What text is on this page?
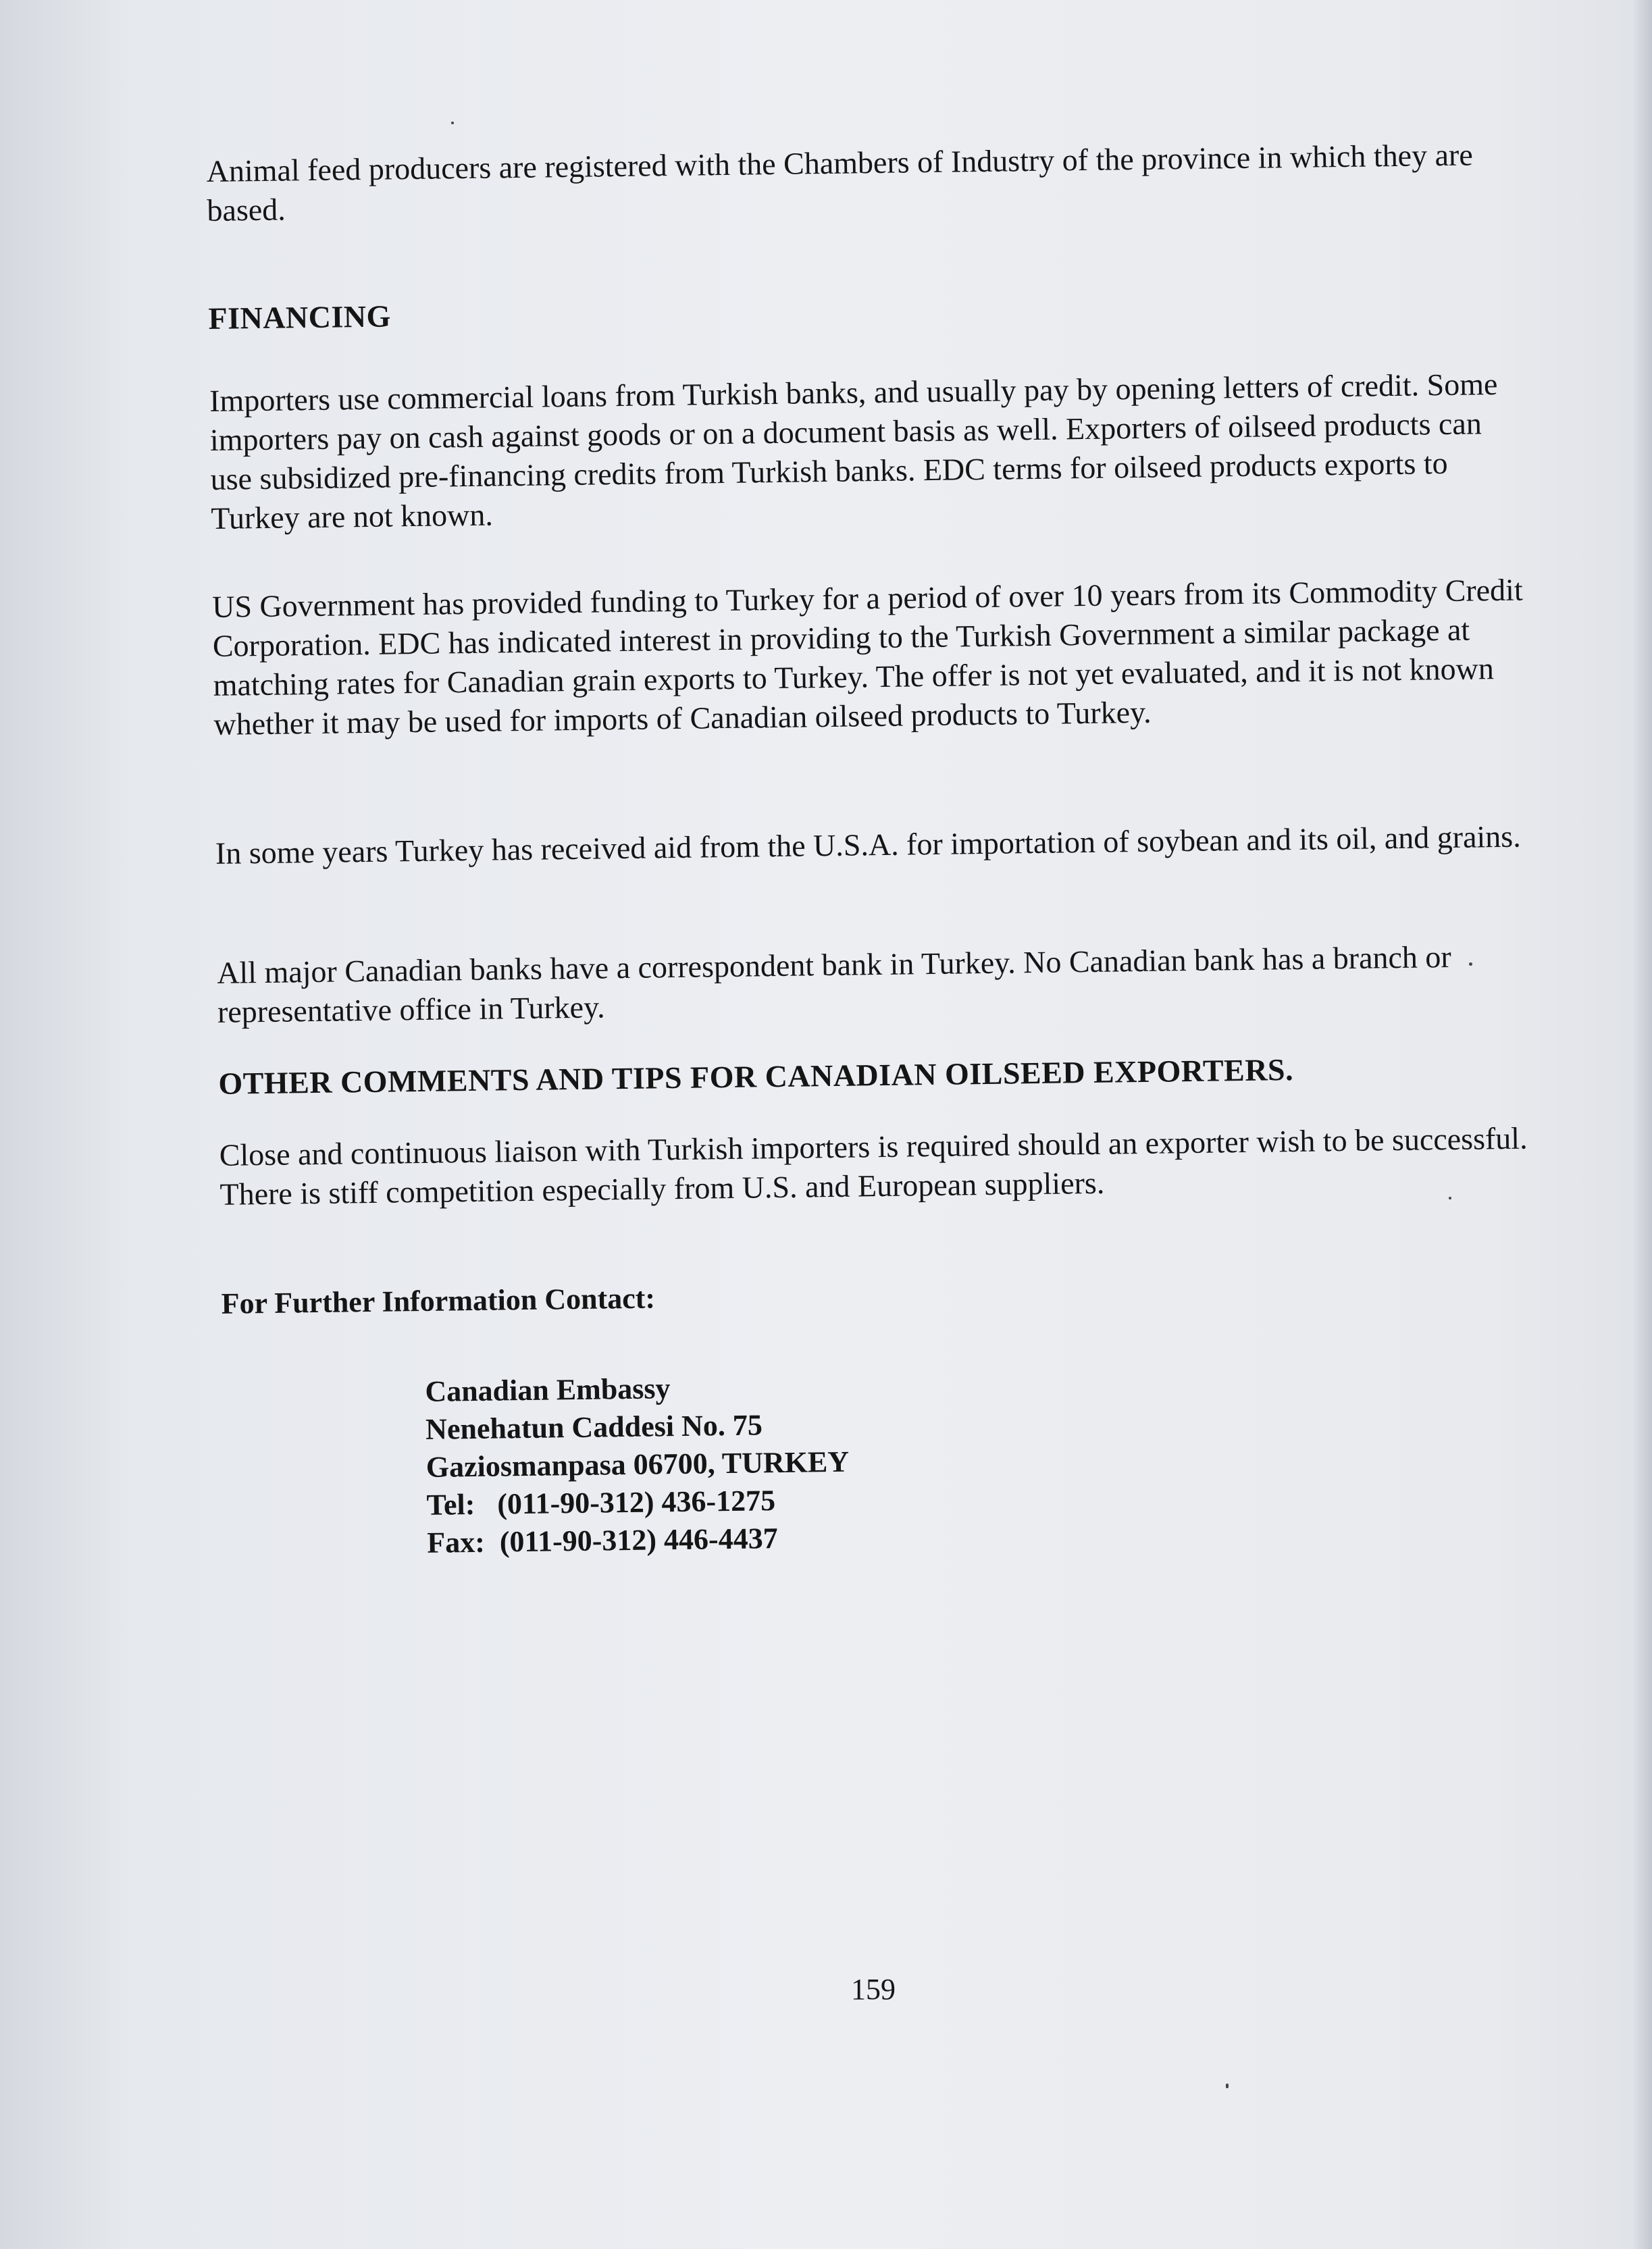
Animal feed producers are registered with the Chambers of Industry of the province in which they are based.

FINANCING

Importers use commercial loans from Turkish banks, and usually pay by opening letters of credit. Some importers pay on cash against goods or on a document basis as well. Exporters of oilseed products can use subsidized pre-financing credits from Turkish banks. EDC terms for oilseed products exports to Turkey are not known.

US Government has provided funding to Turkey for a period of over 10 years from its Commodity Credit Corporation. EDC has indicated interest in providing to the Turkish Government a similar package at matching rates for Canadian grain exports to Turkey. The offer is not yet evaluated, and it is not known whether it may be used for imports of Canadian oilseed products to Turkey.

In some years Turkey has received aid from the U.S.A. for importation of soybean and its oil, and grains.

All major Canadian banks have a correspondent bank in Turkey. No Canadian bank has a branch or representative office in Turkey.

OTHER COMMENTS AND TIPS FOR CANADIAN OILSEED EXPORTERS.

Close and continuous liaison with Turkish importers is required should an exporter wish to be successful. There is stiff competition especially from U.S. and European suppliers.

For Further Information Contact:
Canadian Embassy
Nenehatun Caddesi No. 75
Gaziosmanpasa 06700, TURKEY
Tel:   (011-90-312) 436-1275
Fax:  (011-90-312) 446-4437
159
